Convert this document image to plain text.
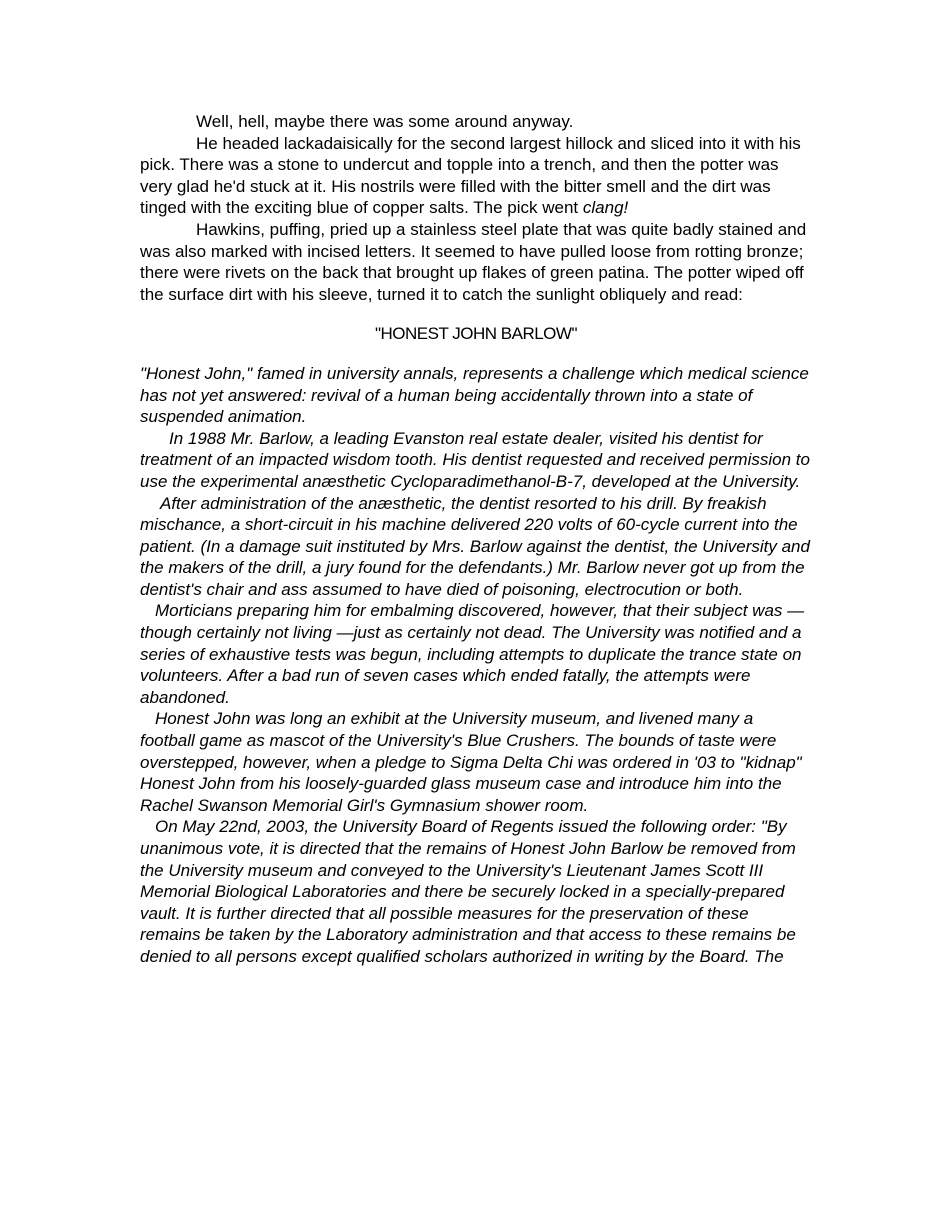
Well, hell, maybe there was some around anyway.

He headed lackadaisically for the second largest hillock and sliced into it with his pick. There was a stone to undercut and topple into a trench, and then the potter was very glad he'd stuck at it. His nostrils were filled with the bitter smell and the dirt was tinged with the exciting blue of copper salts. The pick went clang!

Hawkins, puffing, pried up a stainless steel plate that was quite badly stained and was also marked with incised letters. It seemed to have pulled loose from rotting bronze; there were rivets on the back that brought up flakes of green patina. The potter wiped off the surface dirt with his sleeve, turned it to catch the sunlight obliquely and read:

"HONEST JOHN BARLOW"

"Honest John," famed in university annals, represents a challenge which medical science has not yet answered: revival of a human being accidentally thrown into a state of suspended animation.

In 1988 Mr. Barlow, a leading Evanston real estate dealer, visited his dentist for treatment of an impacted wisdom tooth. His dentist requested and received permission to use the experimental anæsthetic Cycloparadimethanol-B-7, developed at the University.

After administration of the anæsthetic, the dentist resorted to his drill. By freakish mischance, a short-circuit in his machine delivered 220 volts of 60-cycle current into the patient. (In a damage suit instituted by Mrs. Barlow against the dentist, the University and the makers of the drill, a jury found for the defendants.) Mr. Barlow never got up from the dentist's chair and ass assumed to have died of poisoning, electrocution or both.

Morticians preparing him for embalming discovered, however, that their subject was —though certainly not living —just as certainly not dead. The University was notified and a series of exhaustive tests was begun, including attempts to duplicate the trance state on volunteers. After a bad run of seven cases which ended fatally, the attempts were abandoned.

Honest John was long an exhibit at the University museum, and livened many a football game as mascot of the University's Blue Crushers. The bounds of taste were overstepped, however, when a pledge to Sigma Delta Chi was ordered in '03 to "kidnap" Honest John from his loosely-guarded glass museum case and introduce him into the Rachel Swanson Memorial Girl's Gymnasium shower room.

On May 22nd, 2003, the University Board of Regents issued the following order: "By unanimous vote, it is directed that the remains of Honest John Barlow be removed from the University museum and conveyed to the University's Lieutenant James Scott III Memorial Biological Laboratories and there be securely locked in a specially-prepared vault. It is further directed that all possible measures for the preservation of these remains be taken by the Laboratory administration and that access to these remains be denied to all persons except qualified scholars authorized in writing by the Board. The
